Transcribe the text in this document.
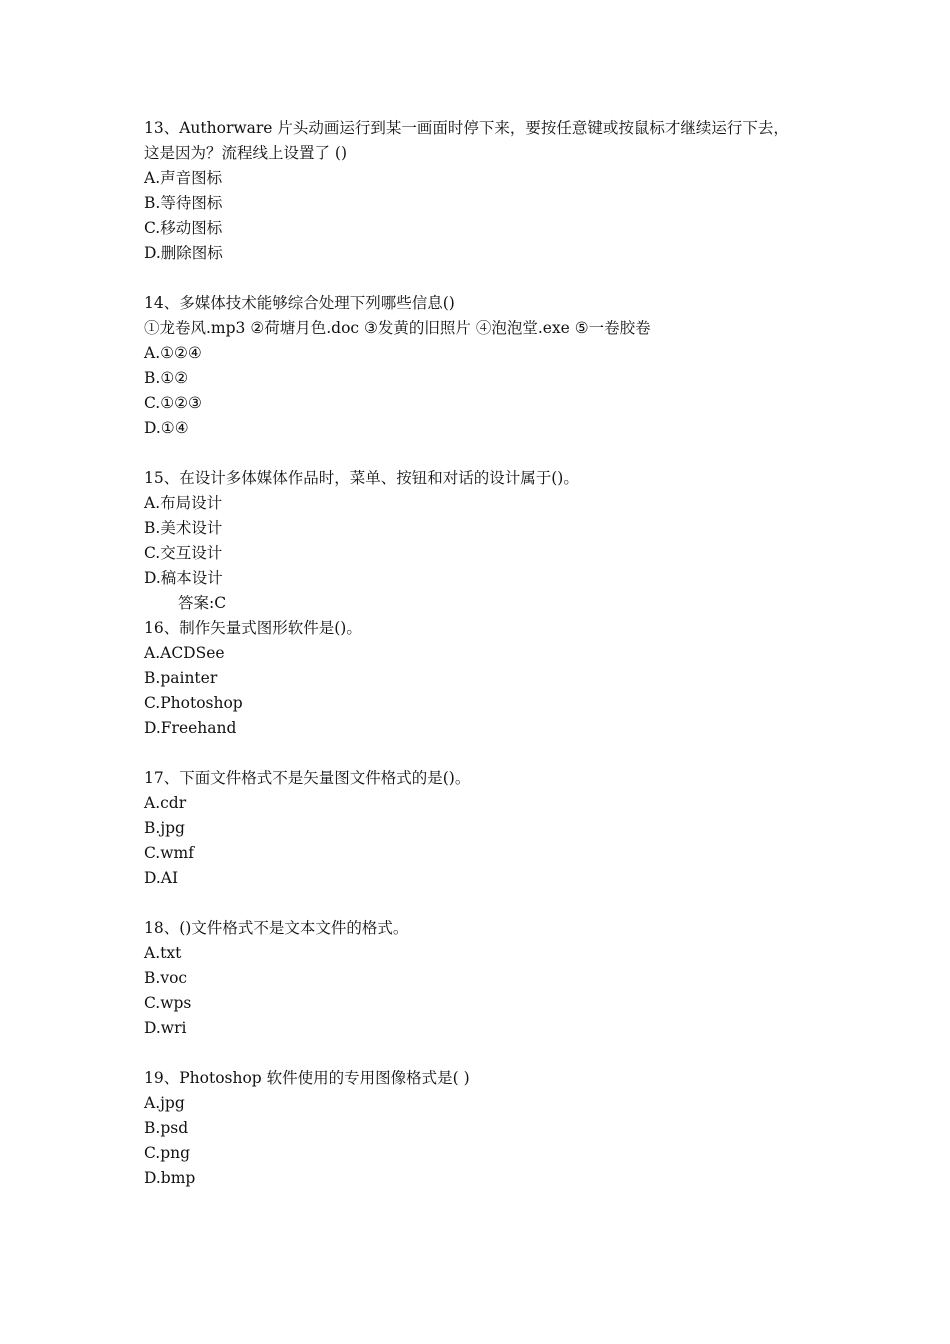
13、Authorware 片头动画运行到某一画面时停下来，要按任意键或按鼠标才继续运行下去，
这是因为？流程线上设置了 ()
A.声音图标
B.等待图标
C.移动图标
D.删除图标
14、多媒体技术能够综合处理下列哪些信息()
①龙卷风.mp3 ②荷塘月色.doc ③发黄的旧照片 ④泡泡堂.exe ⑤一卷胶卷
A.①②④
B.①②
C.①②③
D.①④
15、在设计多体媒体作品时，菜单、按钮和对话的设计属于()。
A.布局设计
B.美术设计
C.交互设计
D.稿本设计
答案:C
16、制作矢量式图形软件是()。
A.ACDSee
B.painter
C.Photoshop
D.Freehand
17、下面文件格式不是矢量图文件格式的是()。
A.cdr
B.jpg
C.wmf
D.AI
18、()文件格式不是文本文件的格式。
A.txt
B.voc
C.wps
D.wri
19、Photoshop 软件使用的专用图像格式是( )
A.jpg
B.psd
C.png
D.bmp
